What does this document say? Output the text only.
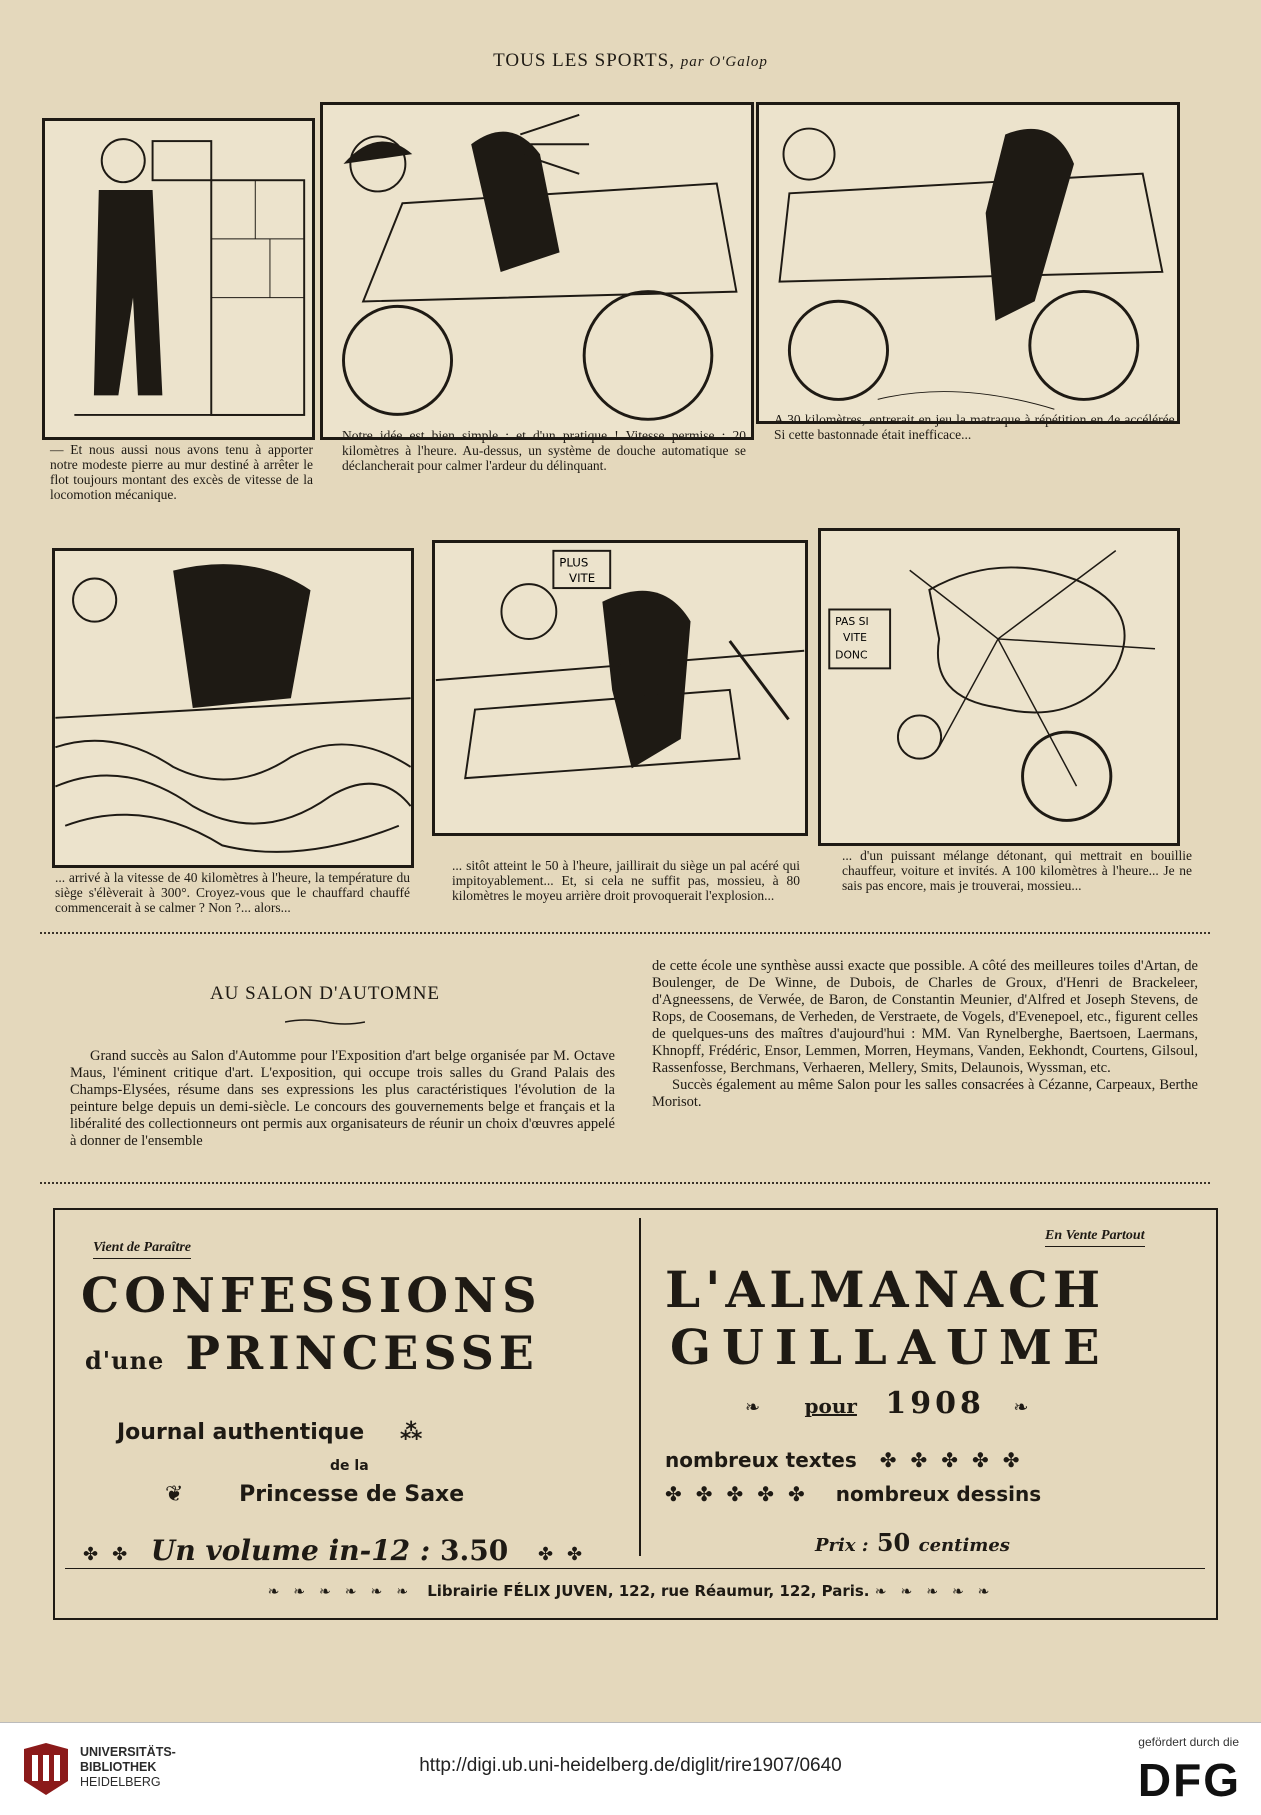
TOUS LES SPORTS, par O'Galop
— Et nous aussi nous avons tenu à apporter notre modeste pierre au mur destiné à arrêter le flot toujours montant des excès de vitesse de la locomotion mécanique.
Notre idée est bien simple : et d'un pratique ! Vitesse permise : 20 kilomètres à l'heure. Au-dessus, un système de douche automatique se déclancherait pour calmer l'ardeur du délinquant.
A 30 kilomètres, entrerait en jeu la matraque à répétition en 4e accélérée. Si cette bastonnade était inefficace...
PLUS
VITE
PAS SI
VITE
DONC
... arrivé à la vitesse de 40 kilomètres à l'heure, la température du siège s'élèverait à 300°. Croyez-vous que le chauffard chauffé commencerait à se calmer ? Non ?... alors...
... sitôt atteint le 50 à l'heure, jaillirait du siège un pal acéré qui impitoyablement... Et, si cela ne suffit pas, mossieu, à 80 kilomètres le moyeu arrière droit provoquerait l'explosion...
... d'un puissant mélange détonant, qui mettrait en bouillie chauffeur, voiture et invités. A 100 kilomètres à l'heure... Je ne sais pas encore, mais je trouverai, mossieu...
AU SALON D'AUTOMNE
Grand succès au Salon d'Automme pour l'Exposition d'art belge organisée par M. Octave Maus, l'éminent critique d'art. L'exposition, qui occupe trois salles du Grand Palais des Champs-Elysées, résume dans ses expressions les plus caractéristiques l'évolution de la peinture belge depuis un demi-siècle. Le concours des gouvernements belge et français et la libéralité des collectionneurs ont permis aux organisateurs de réunir un choix d'œuvres appelé à donner de l'ensemble
de cette école une synthèse aussi exacte que possible. A côté des meilleures toiles d'Artan, de Boulenger, de De Winne, de Dubois, de Charles de Groux, d'Henri de Brackeleer, d'Agneessens, de Verwée, de Baron, de Constantin Meunier, d'Alfred et Joseph Stevens, de Rops, de Coosemans, de Verheden, de Verstraete, de Vogels, d'Evenepoel, etc., figurent celles de quelques-uns des maîtres d'aujourd'hui : MM. Van Rynelberghe, Baertsoen, Laermans, Khnopff, Frédéric, Ensor, Lemmen, Morren, Heymans, Vanden, Eekhondt, Courtens, Gilsoul, Rassenfosse, Berchmans, Verhaeren, Mellery, Smits, Delaunois, Wyssman, etc.
Succès également au même Salon pour les salles consacrées à Cézanne, Carpeaux, Berthe Morisot.
Vient de Paraître
CONFESSIONS
d'une PRINCESSE
Journal authentique ⁂
de la
❦ Princesse de Saxe
✤✤ Un volume in-12 : 3.50 ✤✤
En Vente Partout
L'ALMANACH
GUILLAUME
❧ pour 1908 ❧
nombreux textes ✤✤✤✤✤
✤✤✤✤✤ nombreux dessins
Prix : 50 centimes
❧❧❧❧❧❧ Librairie FÉLIX JUVEN, 122, rue Réaumur, 122, Paris. ❧❧❧❧❧
UNIVERSITÄTS-
BIBLIOTHEK
HEIDELBERG
http://digi.ub.uni-heidelberg.de/diglit/rire1907/0640
gefördert durch die
DFG
